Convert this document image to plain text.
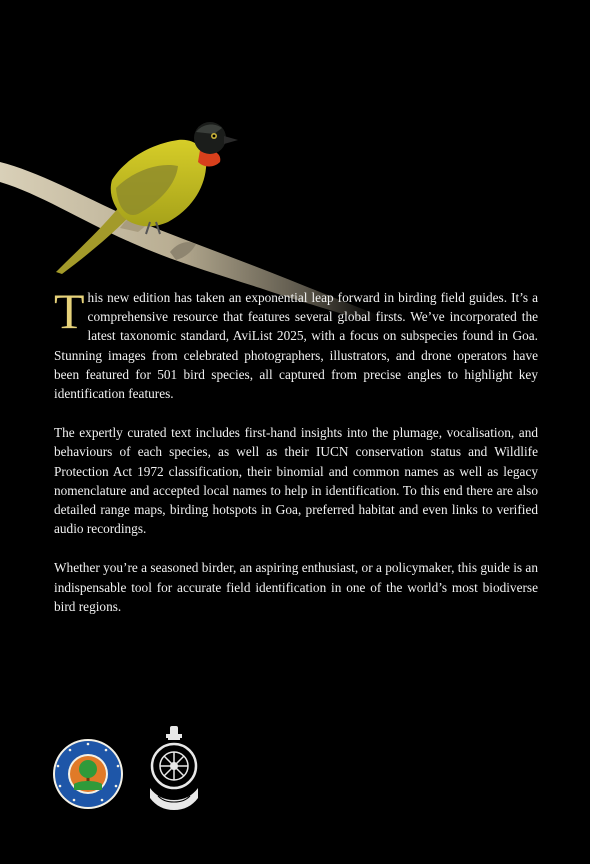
This new edition has taken an exponential leap forward in birding field guides. It’s a comprehensive resource that features several global firsts. We’ve incorporated the latest taxonomic standard, AviList 2025, with a focus on subspecies found in Goa. Stunning images from celebrated photographers, illustrators, and drone operators have been featured for 501 bird species, all captured from precise angles to highlight key identification features.

The expertly curated text includes first-hand insights into the plumage, vocalisation, and behaviours of each species, as well as their IUCN conservation status and Wildlife Protection Act 1972 classification, their binomial and common names as well as legacy nomenclature and accepted local names to help in identification. To this end there are also detailed range maps, birding hotspots in Goa, preferred habitat and even links to verified audio recordings.

Whether you’re a seasoned birder, an aspiring enthusiast, or a policymaker, this guide is an indispensable tool for accurate field identification in one of the world’s most biodiverse bird regions.
